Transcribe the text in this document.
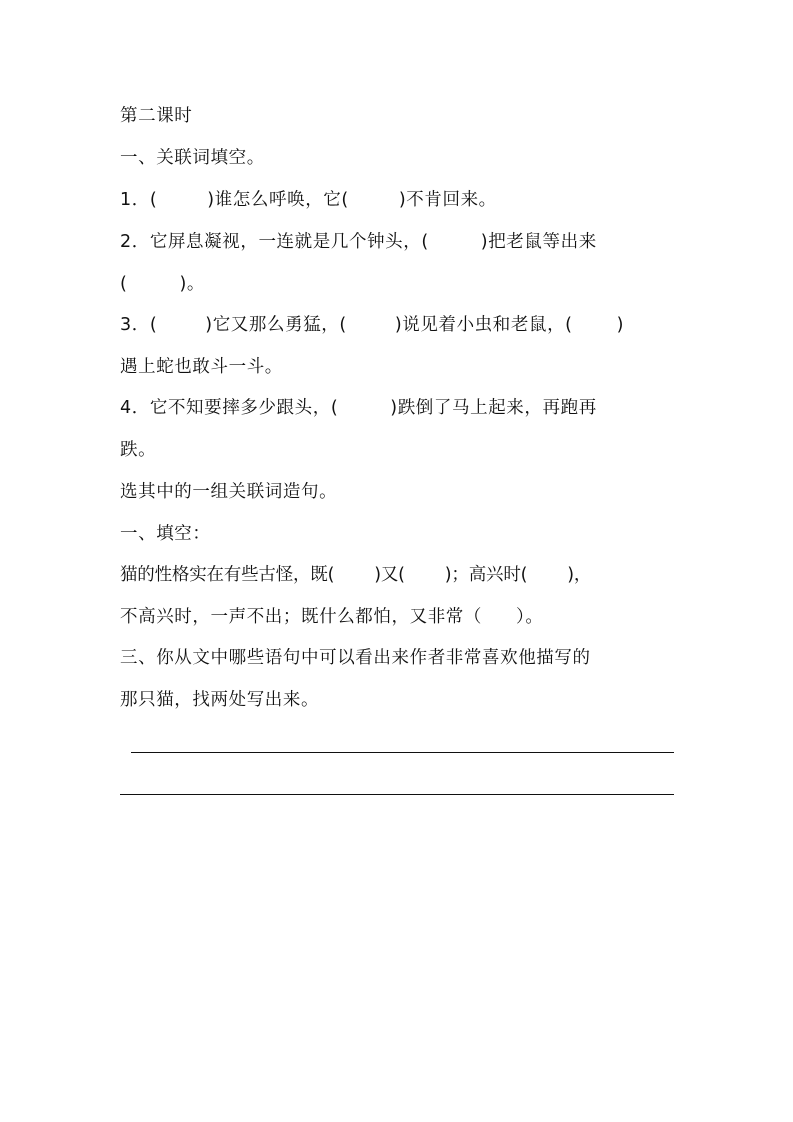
第二课时
一、关联词填空。
1．(	)谁怎么呼唤，它(	)不肯回来。
2．它屏息凝视，一连就是几个钟头，(	)把老鼠等出来
(	)。
3．(	)它又那么勇猛，(	)说见着小虫和老鼠，(	)
遇上蛇也敢斗一斗。
4．它不知要摔多少跟头，(	)跌倒了马上起来，再跑再
跌。
选其中的一组关联词造句。
一、填空：
猫的性格实在有些古怪，既( )又( )；高兴时( )，
不高兴时，一声不出；既什么都怕，又非常（ ）。
三、你从文中哪些语句中可以看出来作者非常喜欢他描写的
那只猫，找两处写出来。
